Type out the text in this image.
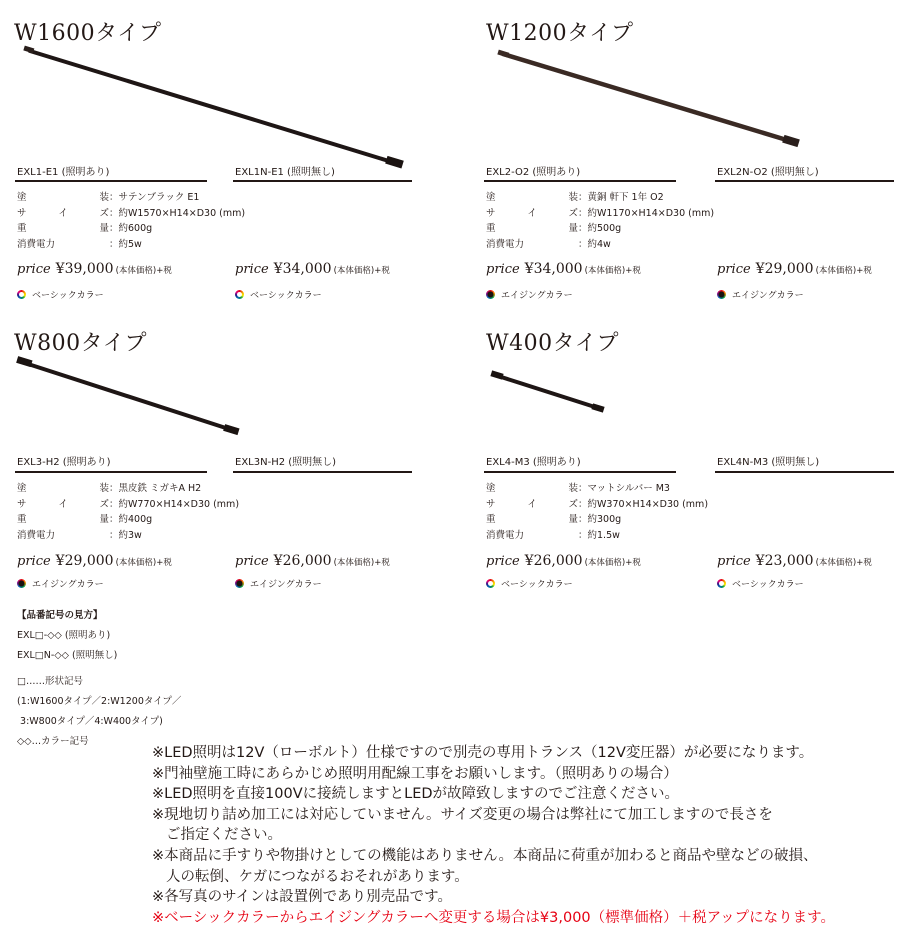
W1600タイプ
EXL1-E1 (照明あり)	EXL1N-E1 (照明無し)
塗	装 ：サテンブラック E1
サ	イ	ズ ：約W1570×H14×D30 (mm)
重	量 ：約600g
消費電力	：約5w
price ¥39,000 (本体価格)+税	price ¥34,000 (本体価格)+税
ベーシックカラー	ベーシックカラー
W1200タイプ
EXL2-O2 (照明あり)	EXL2N-O2 (照明無し)
塗	装 ：黄銅 軒下 1年 O2
サ	イ	ズ ：約W1170×H14×D30 (mm)
重	量 ：約500g
消費電力	：約4w
price ¥34,000 (本体価格)+税	price ¥29,000 (本体価格)+税
エイジングカラー	エイジングカラー
W800タイプ
EXL3-H2 (照明あり)	EXL3N-H2 (照明無し)
塗	装 ：黒皮鉄 ミガキA H2
サ	イ	ズ ：約W770×H14×D30 (mm)
重	量 ：約400g
消費電力	：約3w
price ¥29,000 (本体価格)+税	price ¥26,000 (本体価格)+税
エイジングカラー	エイジングカラー
W400タイプ
EXL4-M3 (照明あり)	EXL4N-M3 (照明無し)
塗	装 ：マットシルバー M3
サ	イ	ズ ：約W370×H14×D30 (mm)
重	量 ：約300g
消費電力	：約1.5w
price ¥26,000 (本体価格)+税	price ¥23,000 (本体価格)+税
ベーシックカラー	ベーシックカラー
【品番記号の見方】
EXL□-◇◇ (照明あり)
EXL□N-◇◇ (照明無し)
□……形状記号
(1:W1600タイプ／2:W1200タイプ／
3:W800タイプ／4:W400タイプ)
◇◇…カラー記号
※LED照明は12V（ローボルト）仕様ですので別売の専用トランス（12V変圧器）が必要になります。
※門袖壁施工時にあらかじめ照明用配線工事をお願いします。（照明ありの場合）
※LED照明を直接100Vに接続しますとLEDが故障致しますのでご注意ください。
※現地切り詰め加工には対応していません。サイズ変更の場合は弊社にて加工しますので長さを
ご指定ください。
※本商品に手すりや物掛けとしての機能はありません。本商品に荷重が加わると商品や壁などの破損、
人の転倒、ケガにつながるおそれがあります。
※各写真のサインは設置例であり別売品です。
※ベーシックカラーからエイジングカラーへ変更する場合は¥3,000（標準価格）＋税アップになります。
